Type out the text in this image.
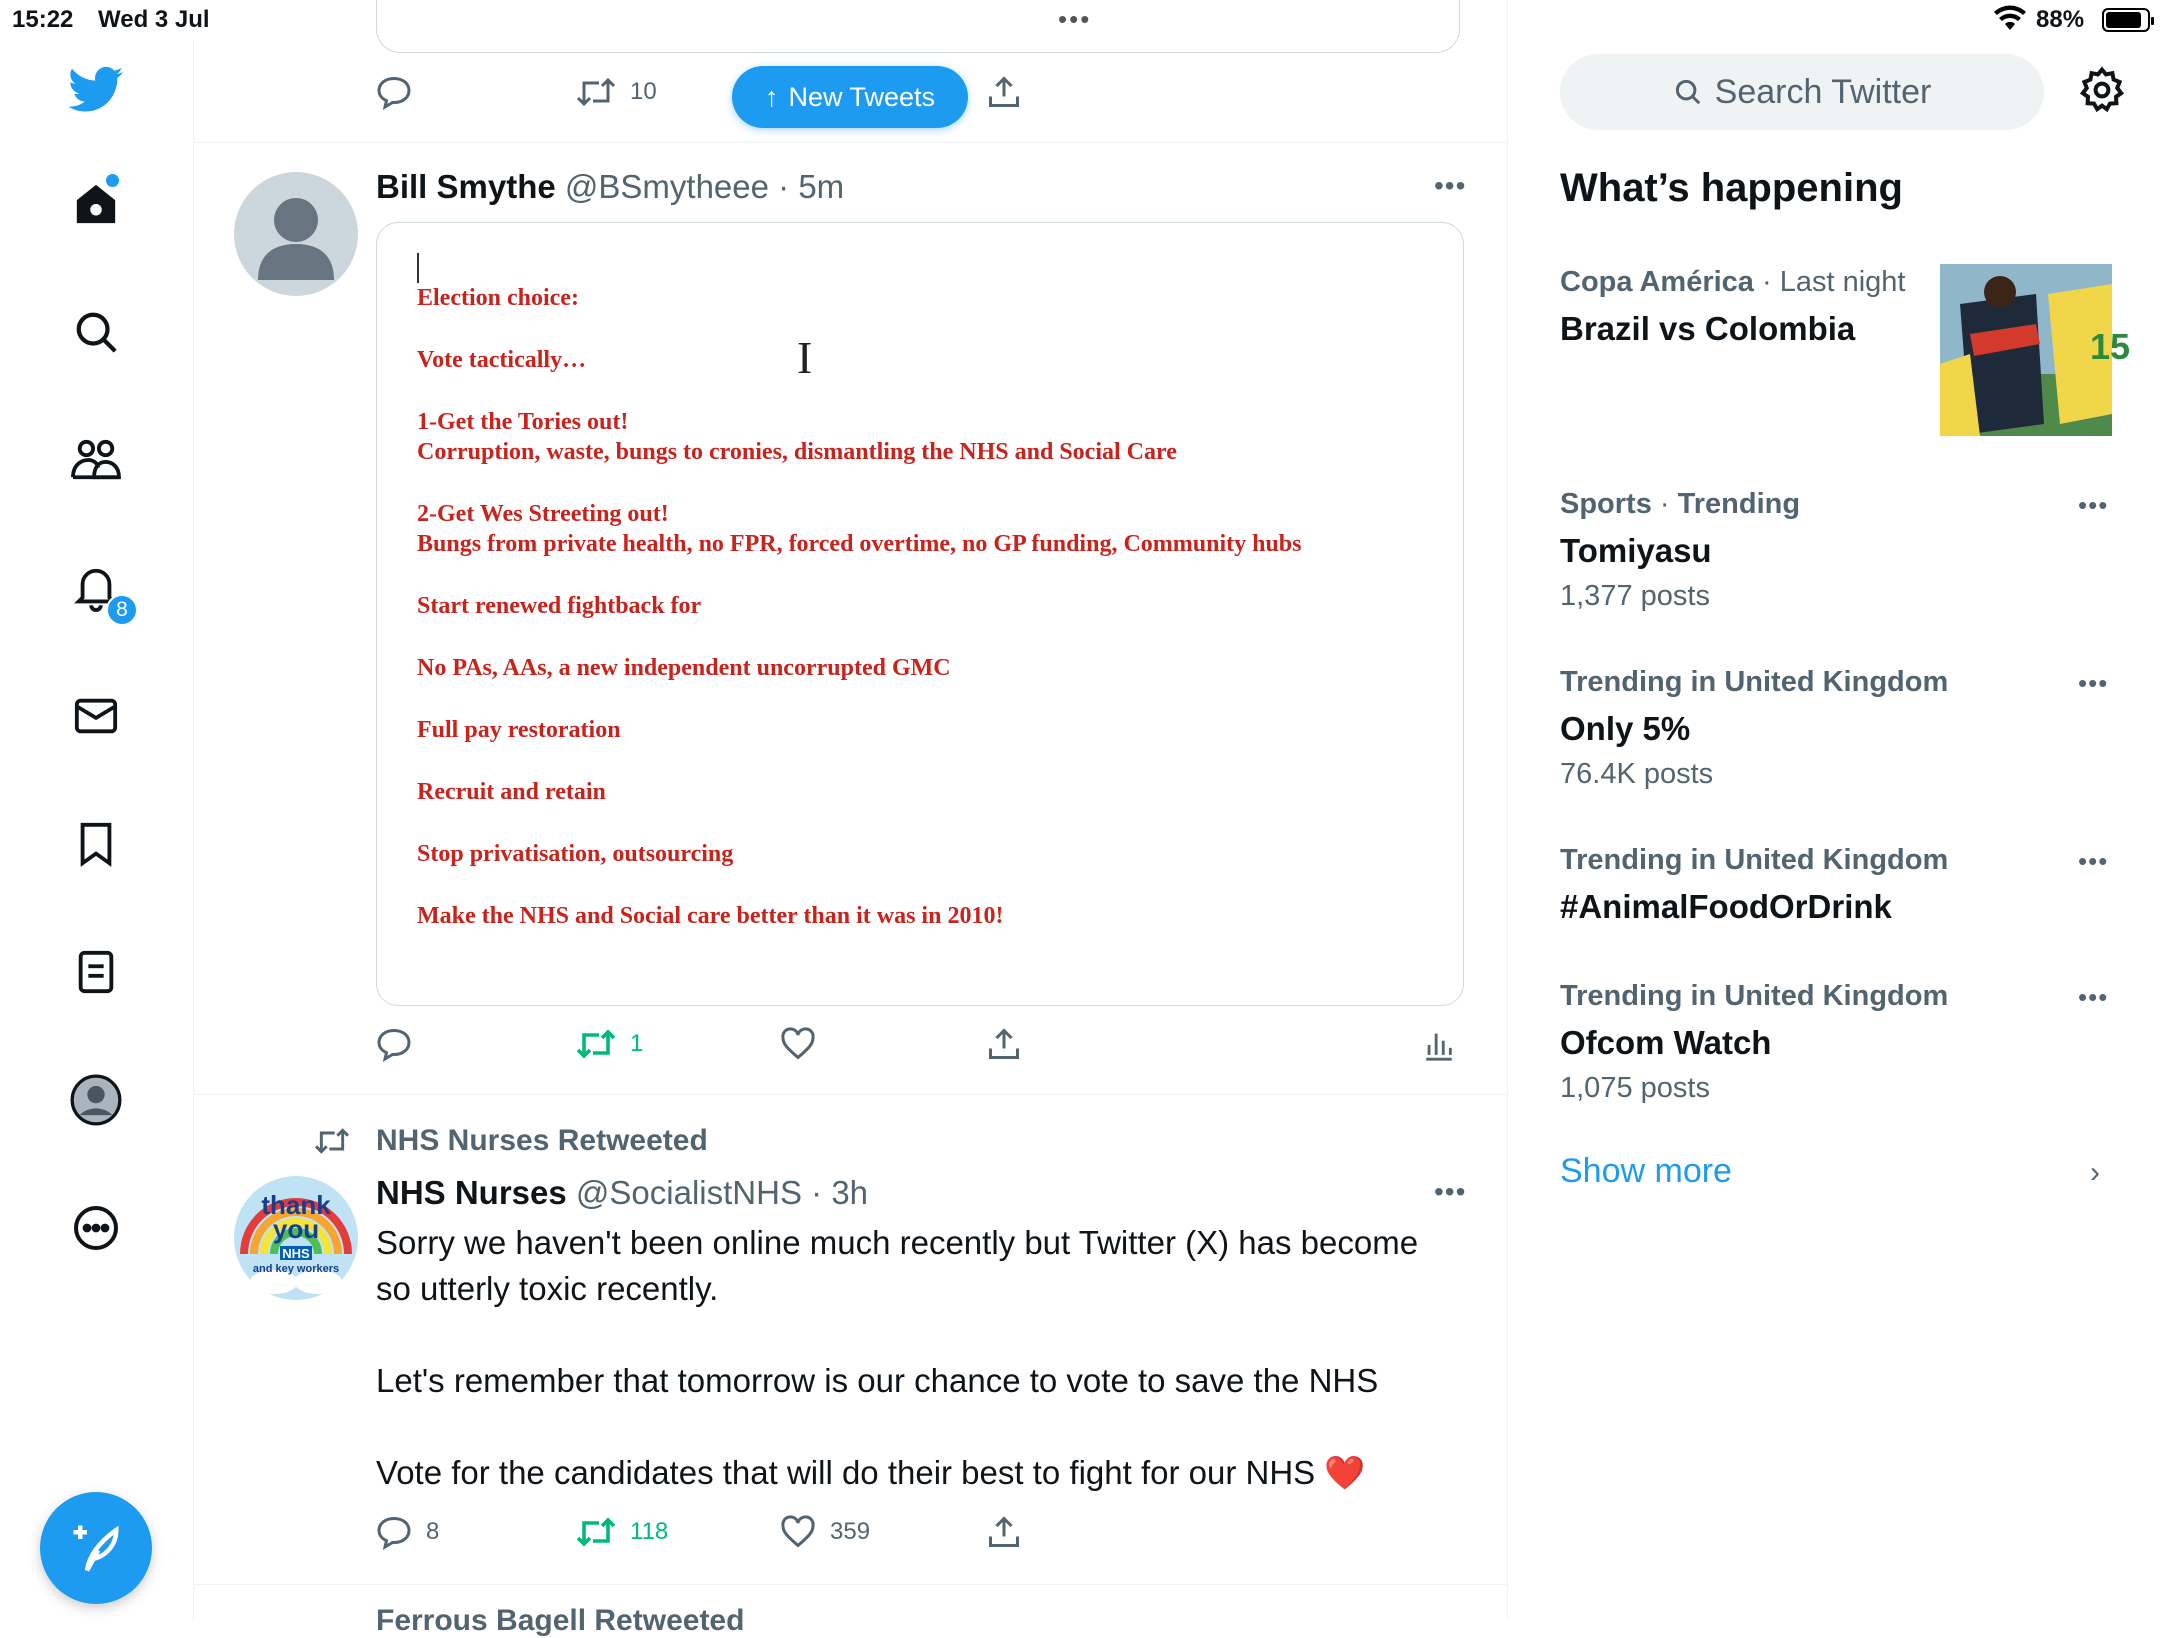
15:22 Wed 3 Jul	•••	88%
8
10	↑ New Tweets
Bill Smythe @BSmytheee · 5m	•••
I
Election choice:
Vote tactically…
1-Get the Tories out!
Corruption, waste, bungs to cronies, dismantling the NHS and Social Care
2-Get Wes Streeting out!
Bungs from private health, no FPR, forced overtime, no GP funding, Community hubs
Start renewed fightback for
No PAs, AAs, a new independent uncorrupted GMC
Full pay restoration
Recruit and retain
Stop privatisation, outsourcing
Make the NHS and Social care better than it was in 2010!
1
NHS Nurses Retweeted
thank
you
NHS
and key workers
NHS Nurses @SocialistNHS · 3h	•••
Sorry we haven't been online much recently but Twitter (X) has become
so utterly toxic recently.
Let's remember that tomorrow is our chance to vote to save the NHS
Vote for the candidates that will do their best to fight for our NHS ❤️
8	118	359
Ferrous Bagell Retweeted
Search Twitter
What’s happening
Copa América · Last night
Brazil vs Colombia	15
Sports · Trending	•••
Tomiyasu
1,377 posts
Trending in United Kingdom	•••
Only 5%
76.4K posts
Trending in United Kingdom	•••
#AnimalFoodOrDrink
Trending in United Kingdom	•••
Ofcom Watch
1,075 posts
Show more	›
